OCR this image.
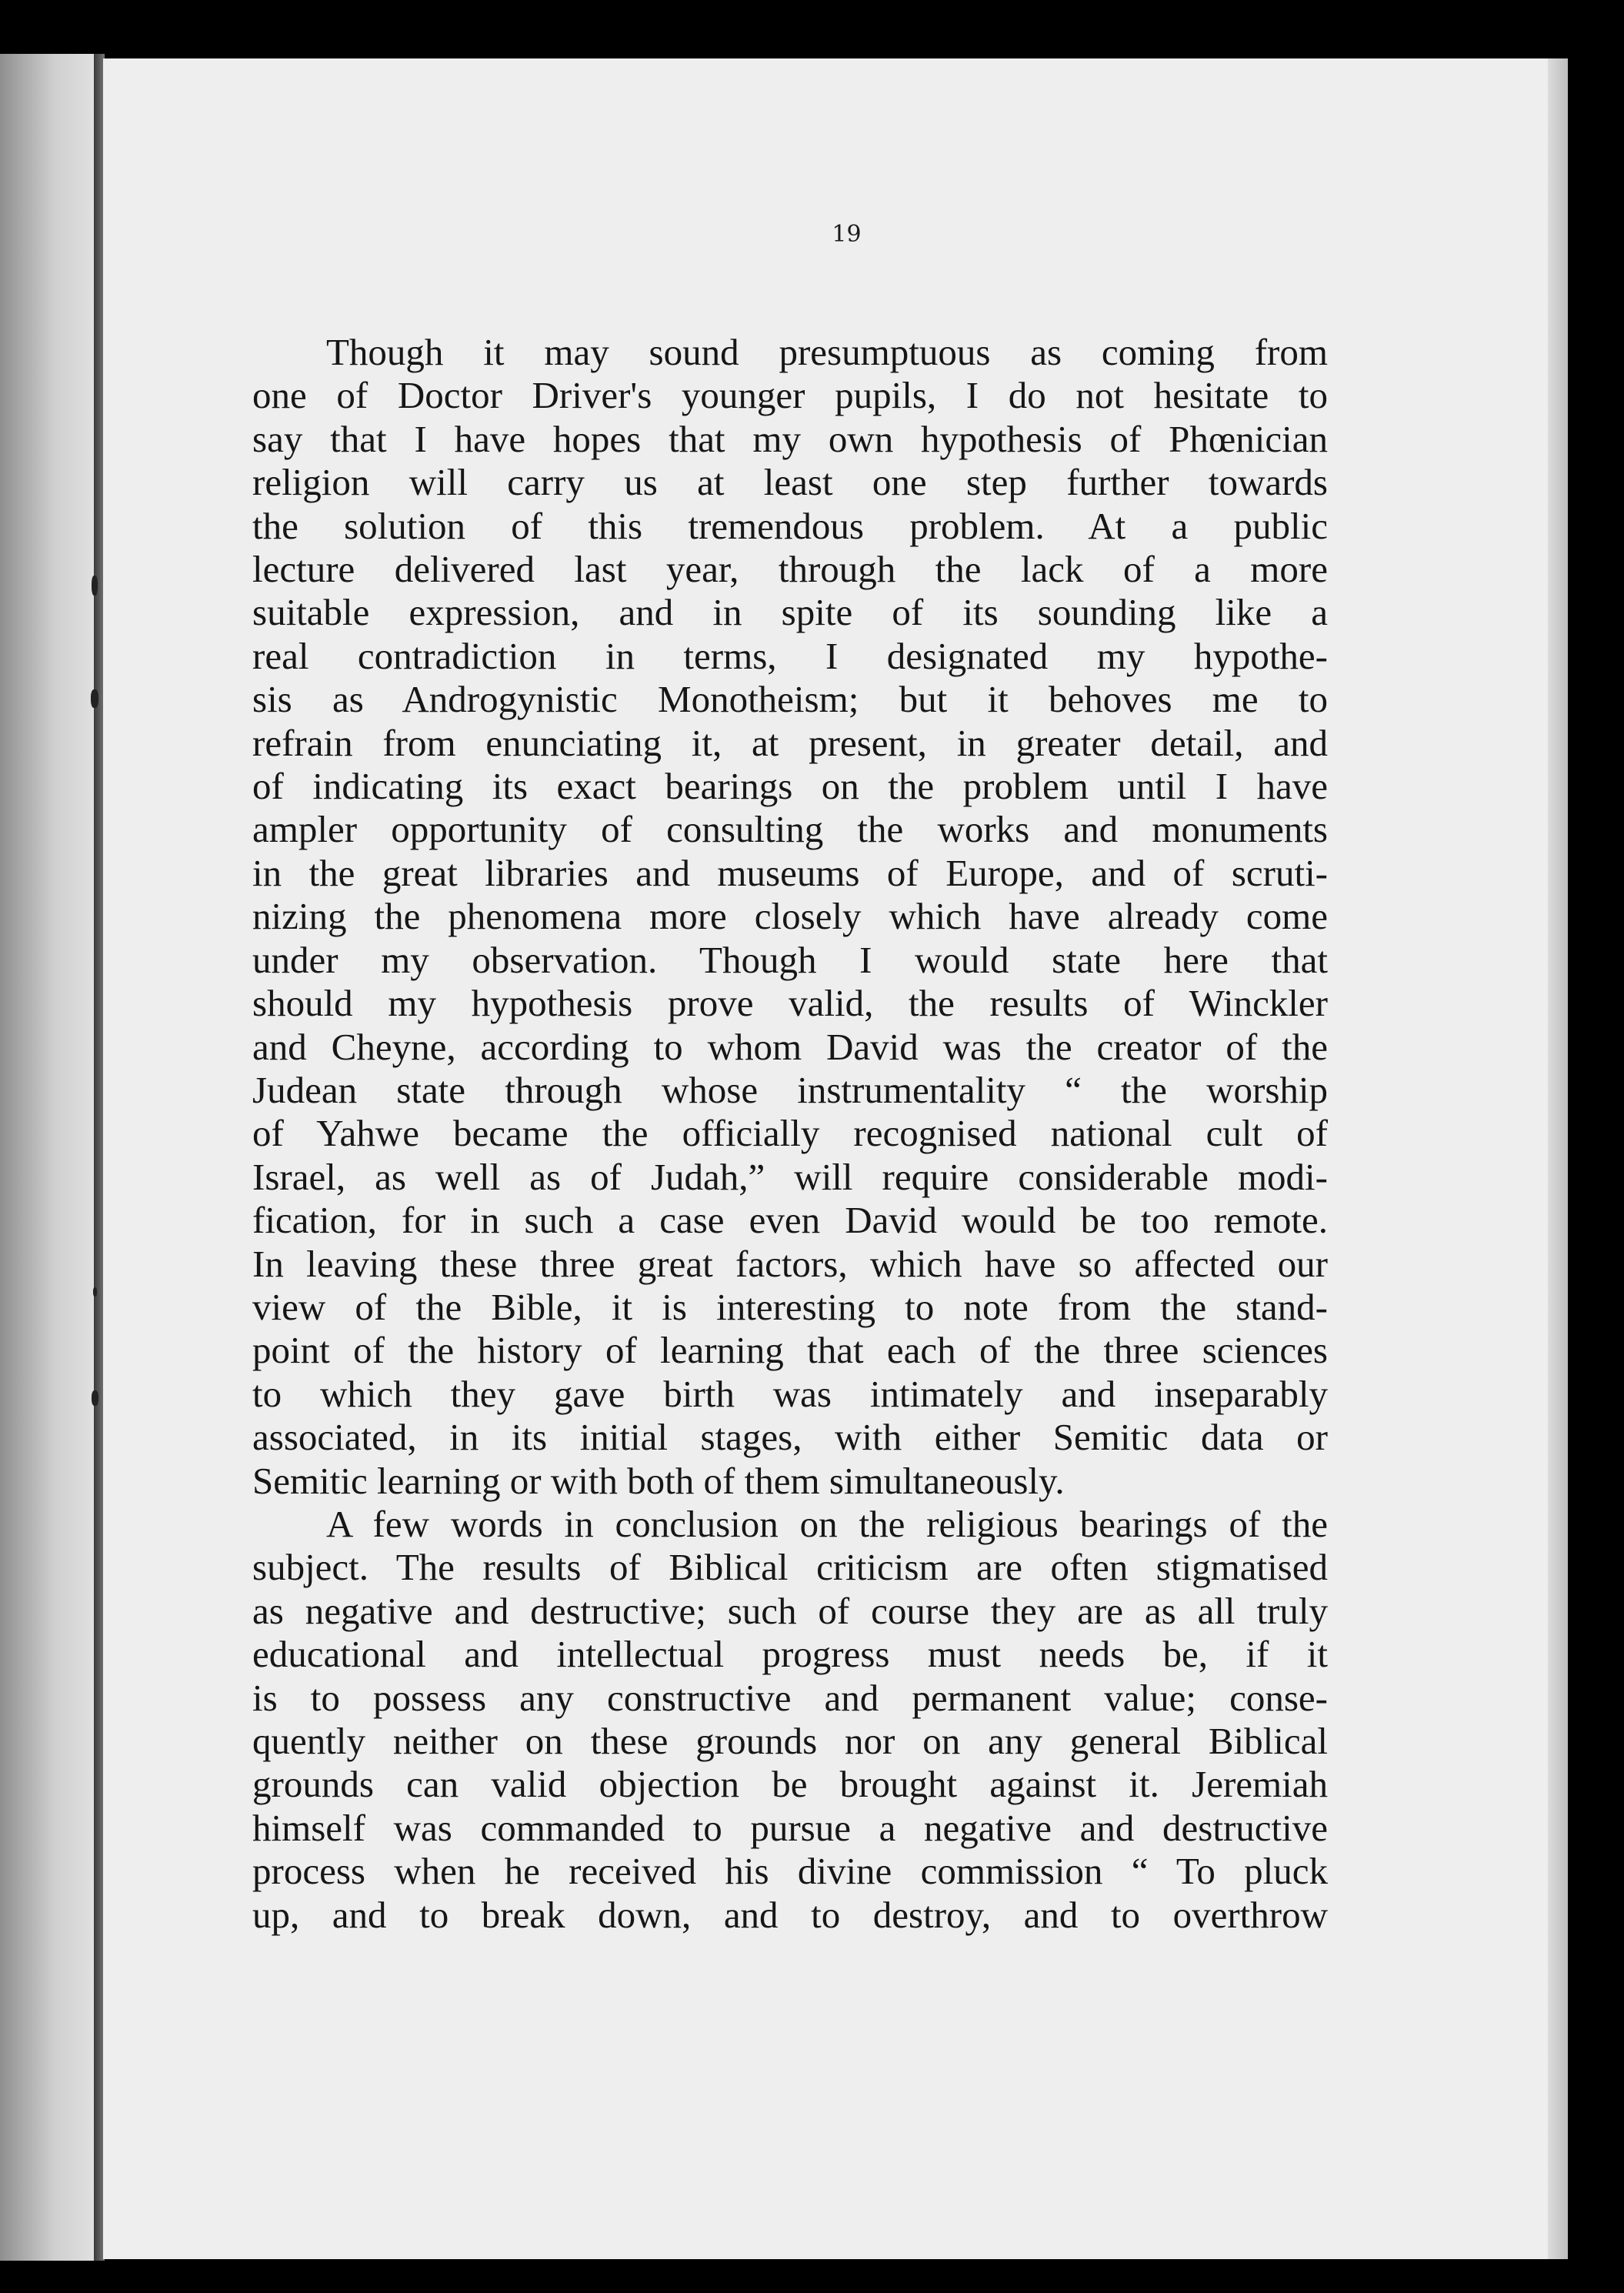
19

Though it may sound presumptuous as coming from
one of Doctor Driver's younger pupils, I do not hesitate to
say that I have hopes that my own hypothesis of Phœnician
religion will carry us at least one step further towards
the solution of this tremendous problem. At a public
lecture delivered last year, through the lack of a more
suitable expression, and in spite of its sounding like a
real contradiction in terms, I designated my hypothe-
sis as Androgynistic Monotheism; but it behoves me to
refrain from enunciating it, at present, in greater detail, and
of indicating its exact bearings on the problem until I have
ampler opportunity of consulting the works and monuments
in the great libraries and museums of Europe, and of scruti-
nizing the phenomena more closely which have already come
under my observation. Though I would state here that
should my hypothesis prove valid, the results of Winckler
and Cheyne, according to whom David was the creator of the
Judean state through whose instrumentality “ the worship
of Yahwe became the officially recognised national cult of
Israel, as well as of Judah,” will require considerable modi-
fication, for in such a case even David would be too remote.
In leaving these three great factors, which have so affected our
view of the Bible, it is interesting to note from the stand-
point of the history of learning that each of the three sciences
to which they gave birth was intimately and inseparably
associated, in its initial stages, with either Semitic data or
Semitic learning or with both of them simultaneously.

A few words in conclusion on the religious bearings of the
subject. The results of Biblical criticism are often stigmatised
as negative and destructive; such of course they are as all truly
educational and intellectual progress must needs be, if it
is to possess any constructive and permanent value; conse-
quently neither on these grounds nor on any general Biblical
grounds can valid objection be brought against it. Jeremiah
himself was commanded to pursue a negative and destructive
process when he received his divine commission “ To pluck
up, and to break down, and to destroy, and to overthrow
